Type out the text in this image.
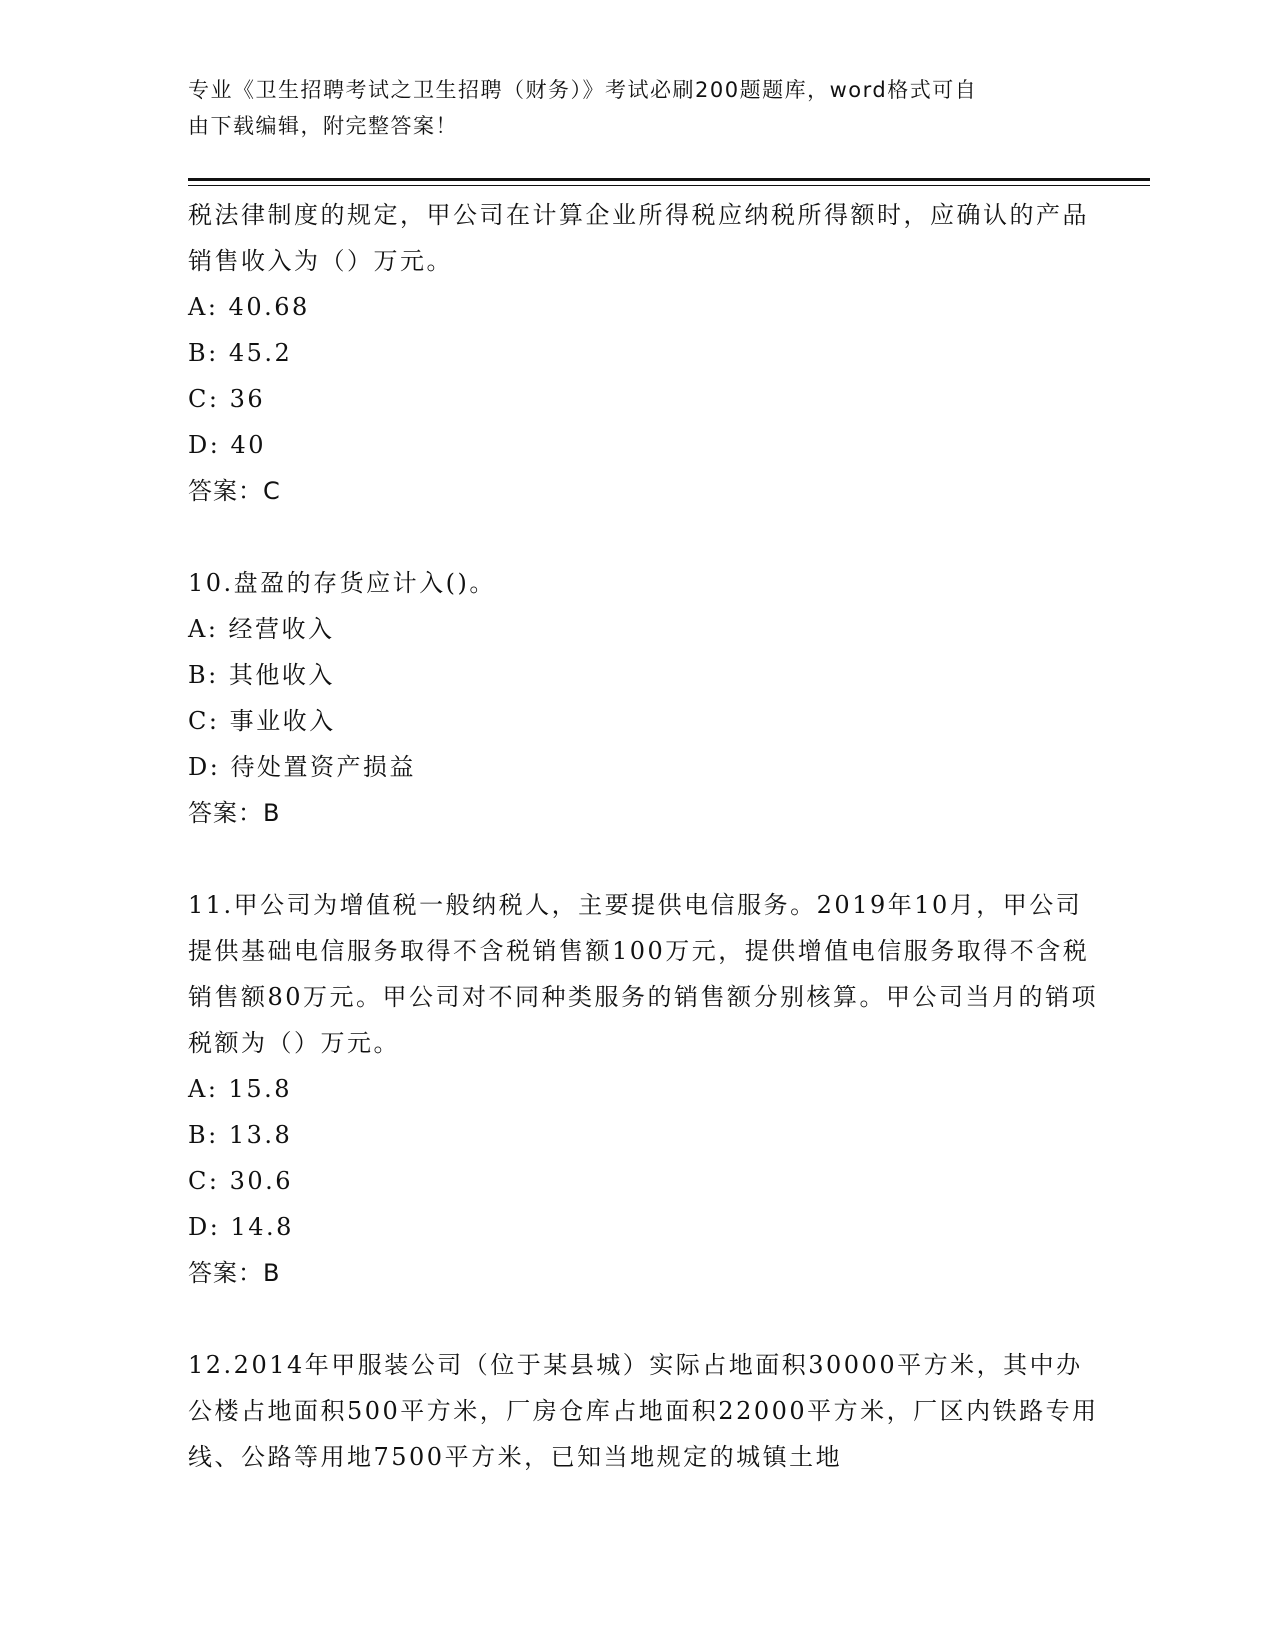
专业《卫生招聘考试之卫生招聘（财务）》考试必刷200题题库，word格式可自
由下载编辑，附完整答案！
税法律制度的规定，甲公司在计算企业所得税应纳税所得额时，应确认的产品销售收入为（）万元。
A: 40.68
B: 45.2
C: 36
D: 40
答案：C
10.盘盈的存货应计入()。
A: 经营收入
B: 其他收入
C: 事业收入
D: 待处置资产损益
答案：B
11.甲公司为增值税一般纳税人，主要提供电信服务。2019年10月，甲公司提供基础电信服务取得不含税销售额100万元，提供增值电信服务取得不含税销售额80万元。甲公司对不同种类服务的销售额分别核算。甲公司当月的销项税额为（）万元。
A: 15.8
B: 13.8
C: 30.6
D: 14.8
答案：B
12.2014年甲服装公司（位于某县城）实际占地面积30000平方米，其中办公楼占地面积500平方米，厂房仓库占地面积22000平方米，厂区内铁路专用线、公路等用地7500平方米，已知当地规定的城镇土地
